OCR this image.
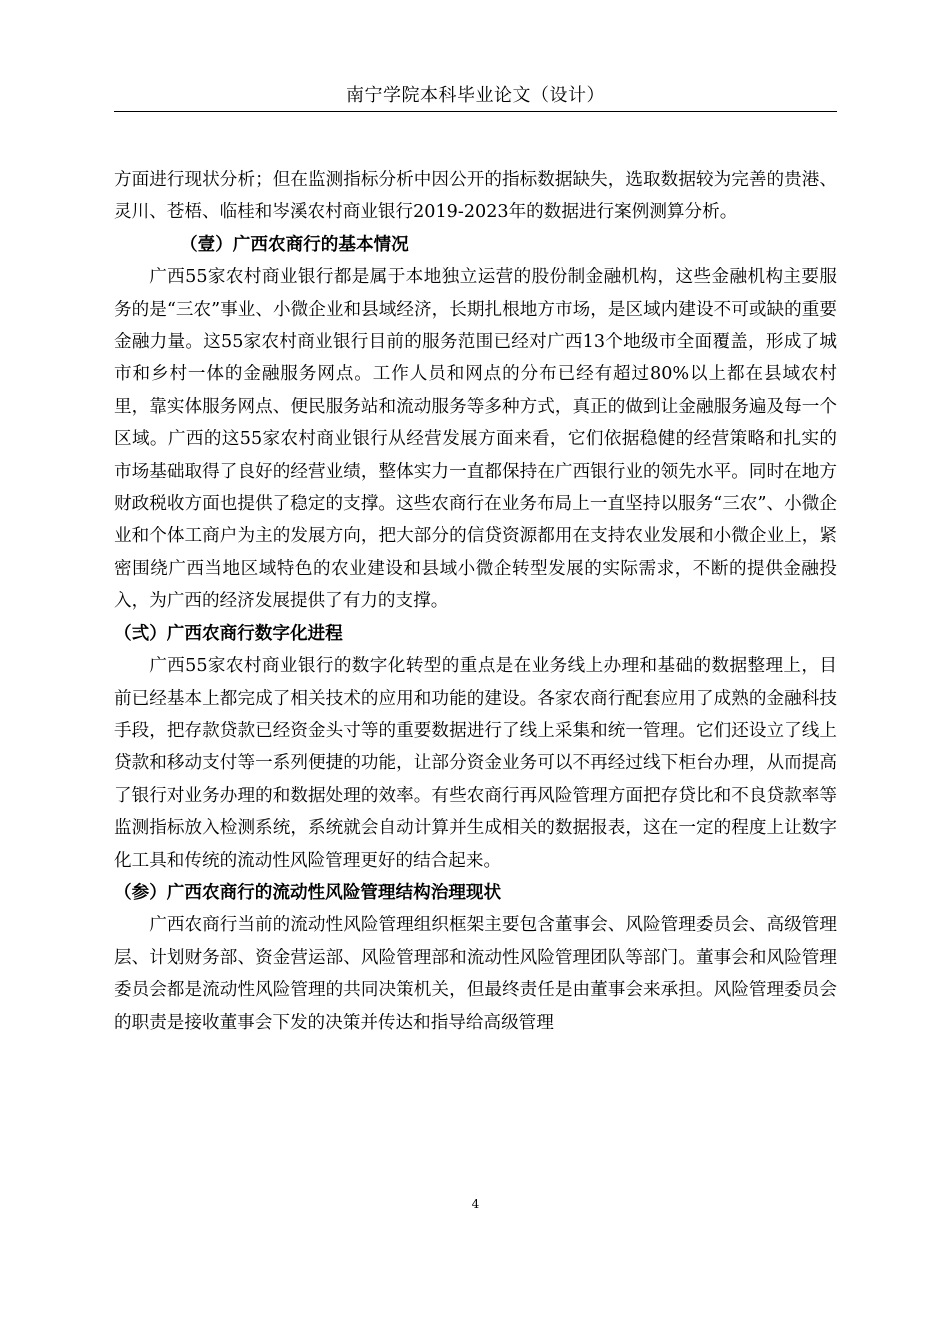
南宁学院本科毕业论文（设计）

方面进行现状分析；但在监测指标分析中因公开的指标数据缺失，选取数据较为完善的贵港、灵川、苍梧、临桂和岑溪农村商业银行2019-2023年的数据进行案例测算分析。

（壹）广西农商行的基本情况

广西55家农村商业银行都是属于本地独立运营的股份制金融机构，这些金融机构主要服务的是“三农”事业、小微企业和县域经济，长期扎根地方市场，是区域内建设不可或缺的重要金融力量。这55家农村商业银行目前的服务范围已经对广西13个地级市全面覆盖，形成了城市和乡村一体的金融服务网点。工作人员和网点的分布已经有超过80%以上都在县域农村里，靠实体服务网点、便民服务站和流动服务等多种方式，真正的做到让金融服务遍及每一个区域。广西的这55家农村商业银行从经营发展方面来看，它们依据稳健的经营策略和扎实的市场基础取得了良好的经营业绩，整体实力一直都保持在广西银行业的领先水平。同时在地方财政税收方面也提供了稳定的支撑。这些农商行在业务布局上一直坚持以服务“三农”、小微企业和个体工商户为主的发展方向，把大部分的信贷资源都用在支持农业发展和小微企业上，紧密围绕广西当地区域特色的农业建设和县域小微企转型发展的实际需求，不断的提供金融投入，为广西的经济发展提供了有力的支撑。

（弍）广西农商行数字化进程

广西55家农村商业银行的数字化转型的重点是在业务线上办理和基础的数据整理上，目前已经基本上都完成了相关技术的应用和功能的建设。各家农商行配套应用了成熟的金融科技手段，把存款贷款已经资金头寸等的重要数据进行了线上采集和统一管理。它们还设立了线上贷款和移动支付等一系列便捷的功能，让部分资金业务可以不再经过线下柜台办理，从而提高了银行对业务办理的和数据处理的效率。有些农商行再风险管理方面把存贷比和不良贷款率等监测指标放入检测系统，系统就会自动计算并生成相关的数据报表，这在一定的程度上让数字化工具和传统的流动性风险管理更好的结合起来。

（参）广西农商行的流动性风险管理结构治理现状

广西农商行当前的流动性风险管理组织框架主要包含董事会、风险管理委员会、高级管理层、计划财务部、资金营运部、风险管理部和流动性风险管理团队等部门。董事会和风险管理委员会都是流动性风险管理的共同决策机关，但最终责任是由董事会来承担。风险管理委员会的职责是接收董事会下发的决策并传达和指导给高级管理

4
